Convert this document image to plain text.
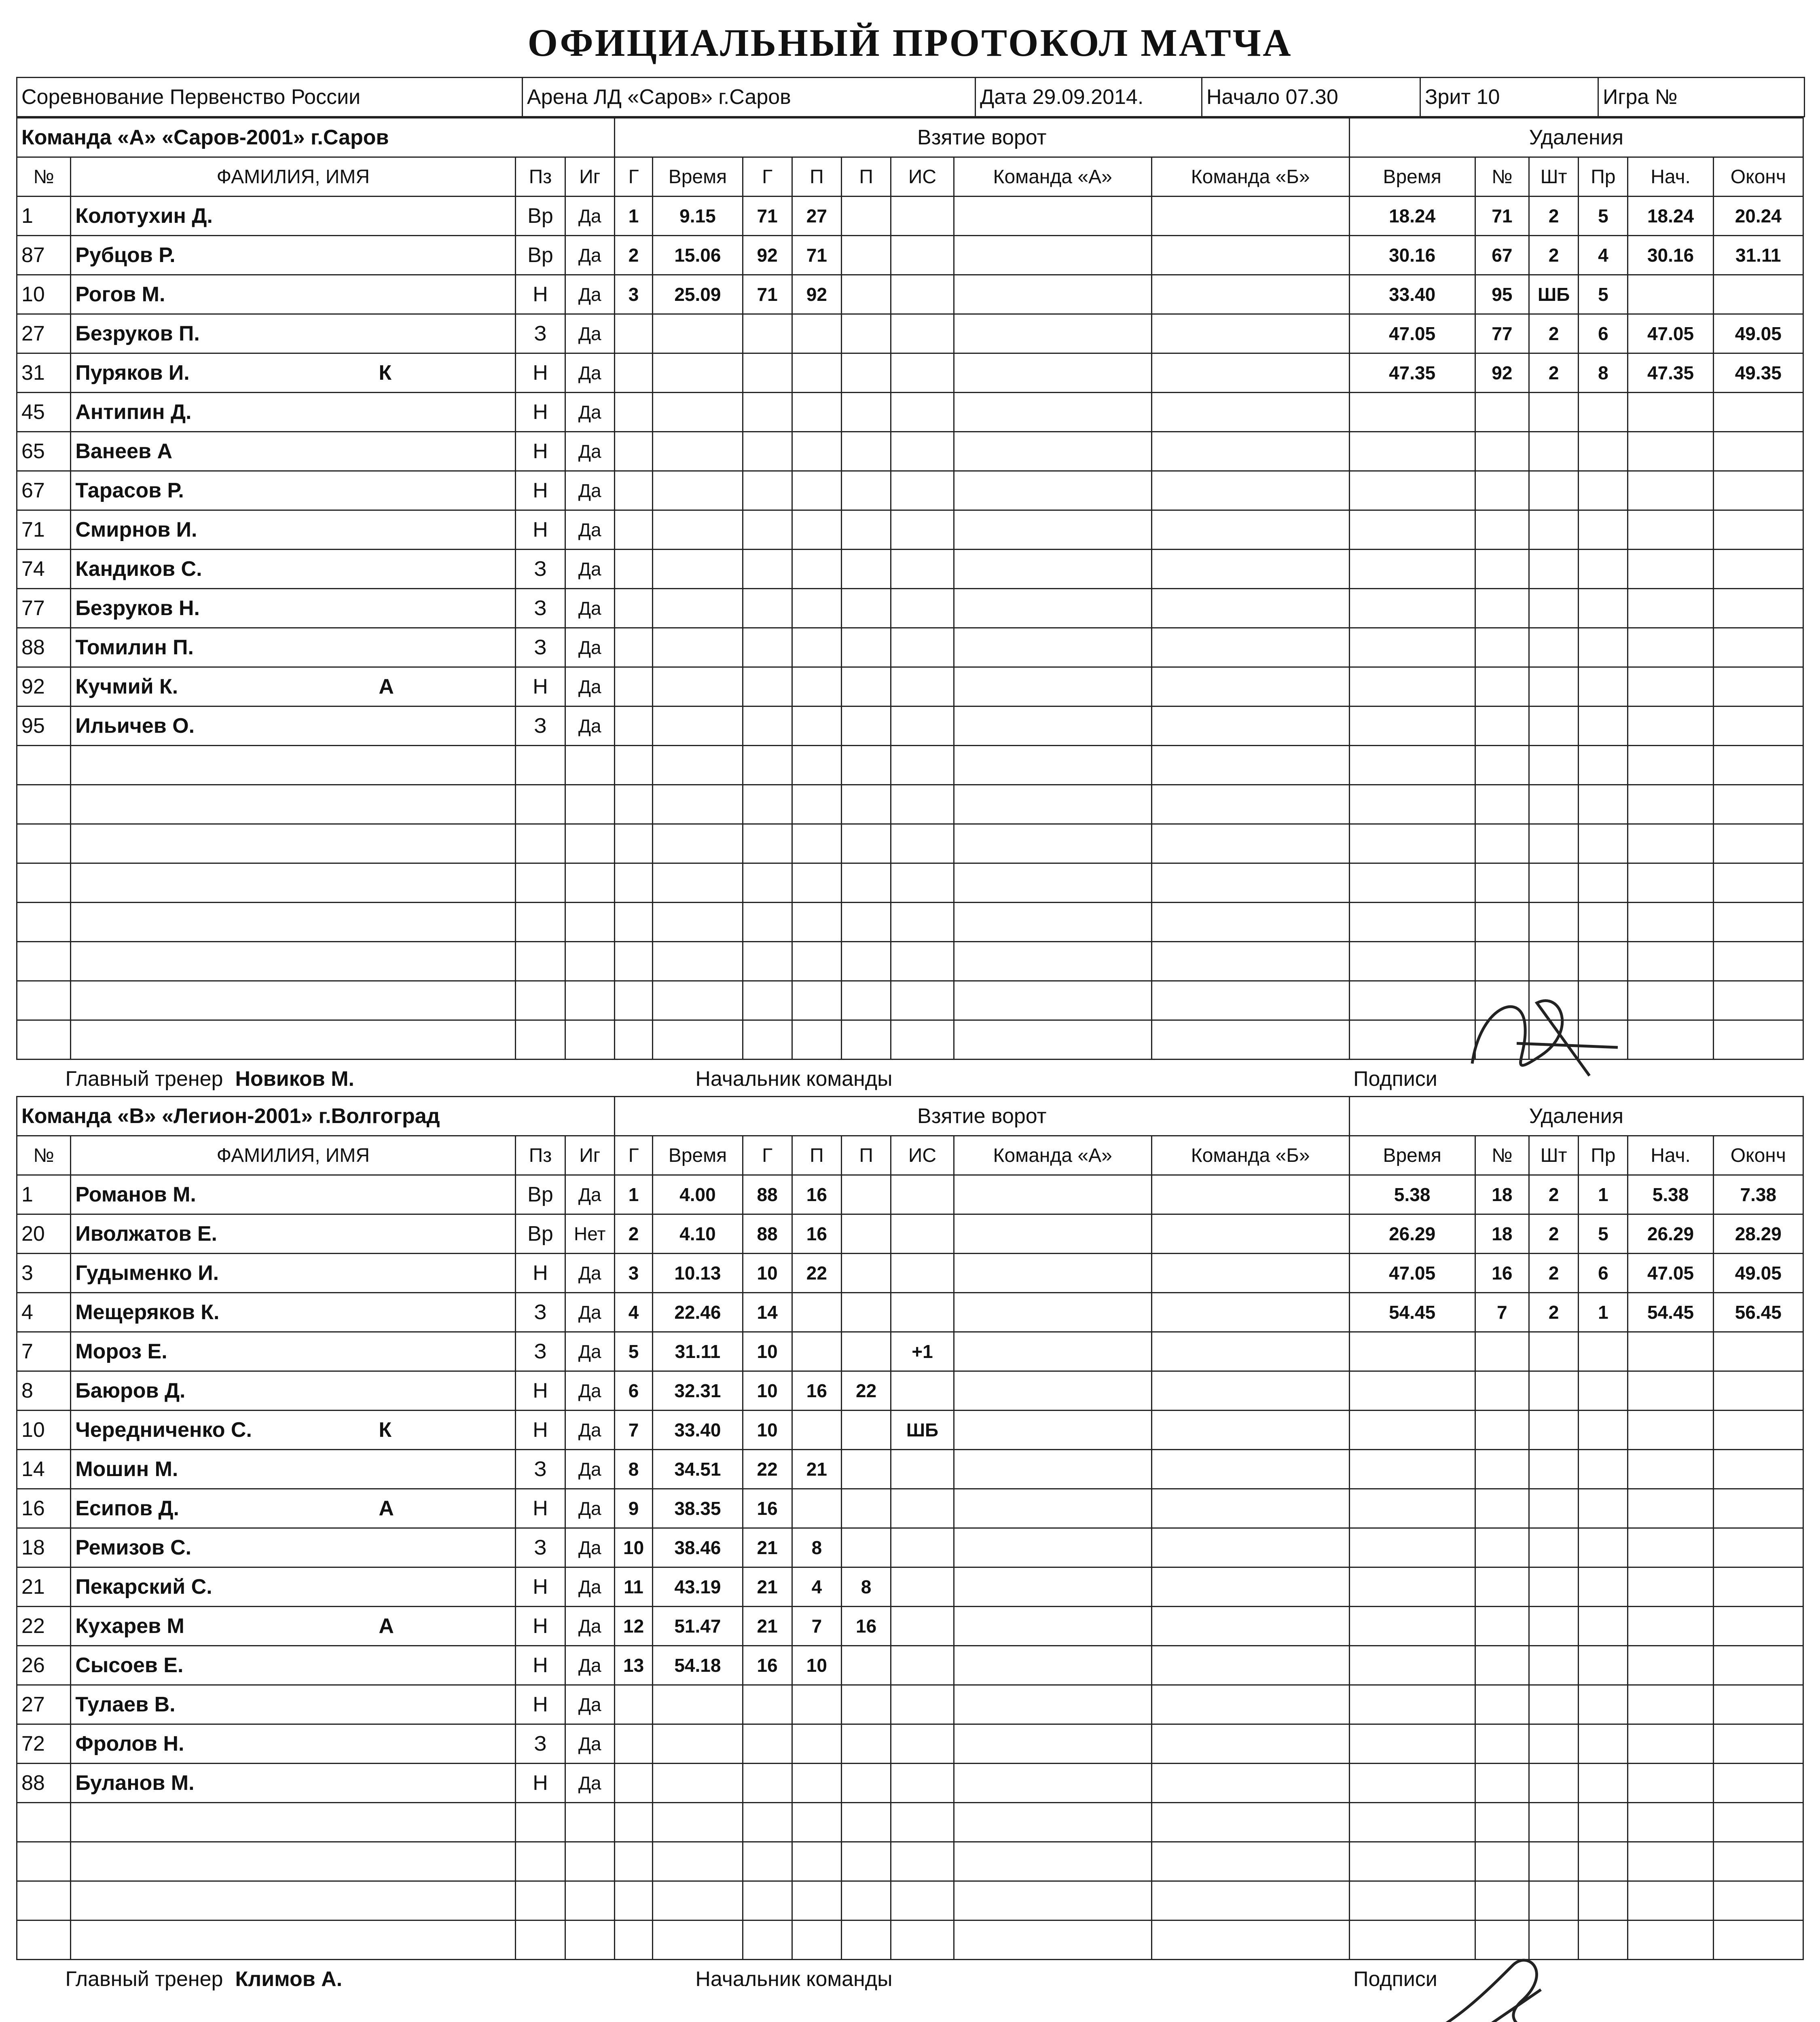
ОФИЦИАЛЬНЫЙ ПРОТОКОЛ МАТЧА
Соревнование Первенство России	Арена ЛД «Саров» г.Саров	Дата 29.09.2014.	Начало 07.30	Зрит 10	Игра №
Команда «А» «Саров-2001» г.Саров				Взятие ворот								Удаления					
№	ФАМИЛИЯ, ИМЯ	Пз	Иг	Г	Время	Г	П	П	ИС	Команда «А»	Команда «Б»	Время	№	Шт	Пр	Нач.	Оконч
1	Колотухин Д.	Вр	Да	1	9.15	71	27					18.24	71	2	5	18.24	20.24
87	Рубцов Р.	Вр	Да	2	15.06	92	71					30.16	67	2	4	30.16	31.11
10	Рогов М.	Н	Да	3	25.09	71	92					33.40	95	ШБ	5		
27	Безруков П.	З	Да									47.05	77	2	6	47.05	49.05
31	Пуряков И. К	Н	Да									47.35	92	2	8	47.35	49.35
45	Антипин Д.	Н	Да														
65	Ванеев А	Н	Да														
67	Тарасов Р.	Н	Да														
71	Смирнов И.	Н	Да														
74	Кандиков С.	З	Да														
77	Безруков Н.	З	Да														
88	Томилин П.	З	Да														
92	Кучмий К. А	Н	Да														
95	Ильичев О.	З	Да														

Главный тренер Новиков М.				Начальник команды								Подписи					
Команда «В» «Легион-2001» г.Волгоград				Взятие ворот								Удаления					
№	ФАМИЛИЯ, ИМЯ	Пз	Иг	Г	Время	Г	П	П	ИС	Команда «А»	Команда «Б»	Время	№	Шт	Пр	Нач.	Оконч
1	Романов М.	Вр	Да	1	4.00	88	16					5.38	18	2	1	5.38	7.38
20	Иволжатов Е.	Вр	Нет	2	4.10	88	16					26.29	18	2	5	26.29	28.29
3	Гудыменко И.	Н	Да	3	10.13	10	22					47.05	16	2	6	47.05	49.05
4	Мещеряков К.	З	Да	4	22.46	14						54.45	7	2	1	54.45	56.45
7	Мороз Е.	З	Да	5	31.11	10			+1								
8	Баюров Д.	Н	Да	6	32.31	10	16	22									
10	Чередниченко С. К	Н	Да	7	33.40	10			ШБ								
14	Мошин М.	З	Да	8	34.51	22	21										
16	Есипов Д. А	Н	Да	9	38.35	16											
18	Ремизов С.	З	Да	10	38.46	21	8										
21	Пекарский С.	Н	Да	11	43.19	21	4	8									
22	Кухарев М А	Н	Да	12	51.47	21	7	16									
26	Сысоев Е.	Н	Да	13	54.18	16	10										
27	Тулаев В.	Н	Да														
72	Фролов Н.	З	Да														
88	Буланов М.	Н	Да														

Главный тренер Климов А.				Начальник команды								Подписи					
